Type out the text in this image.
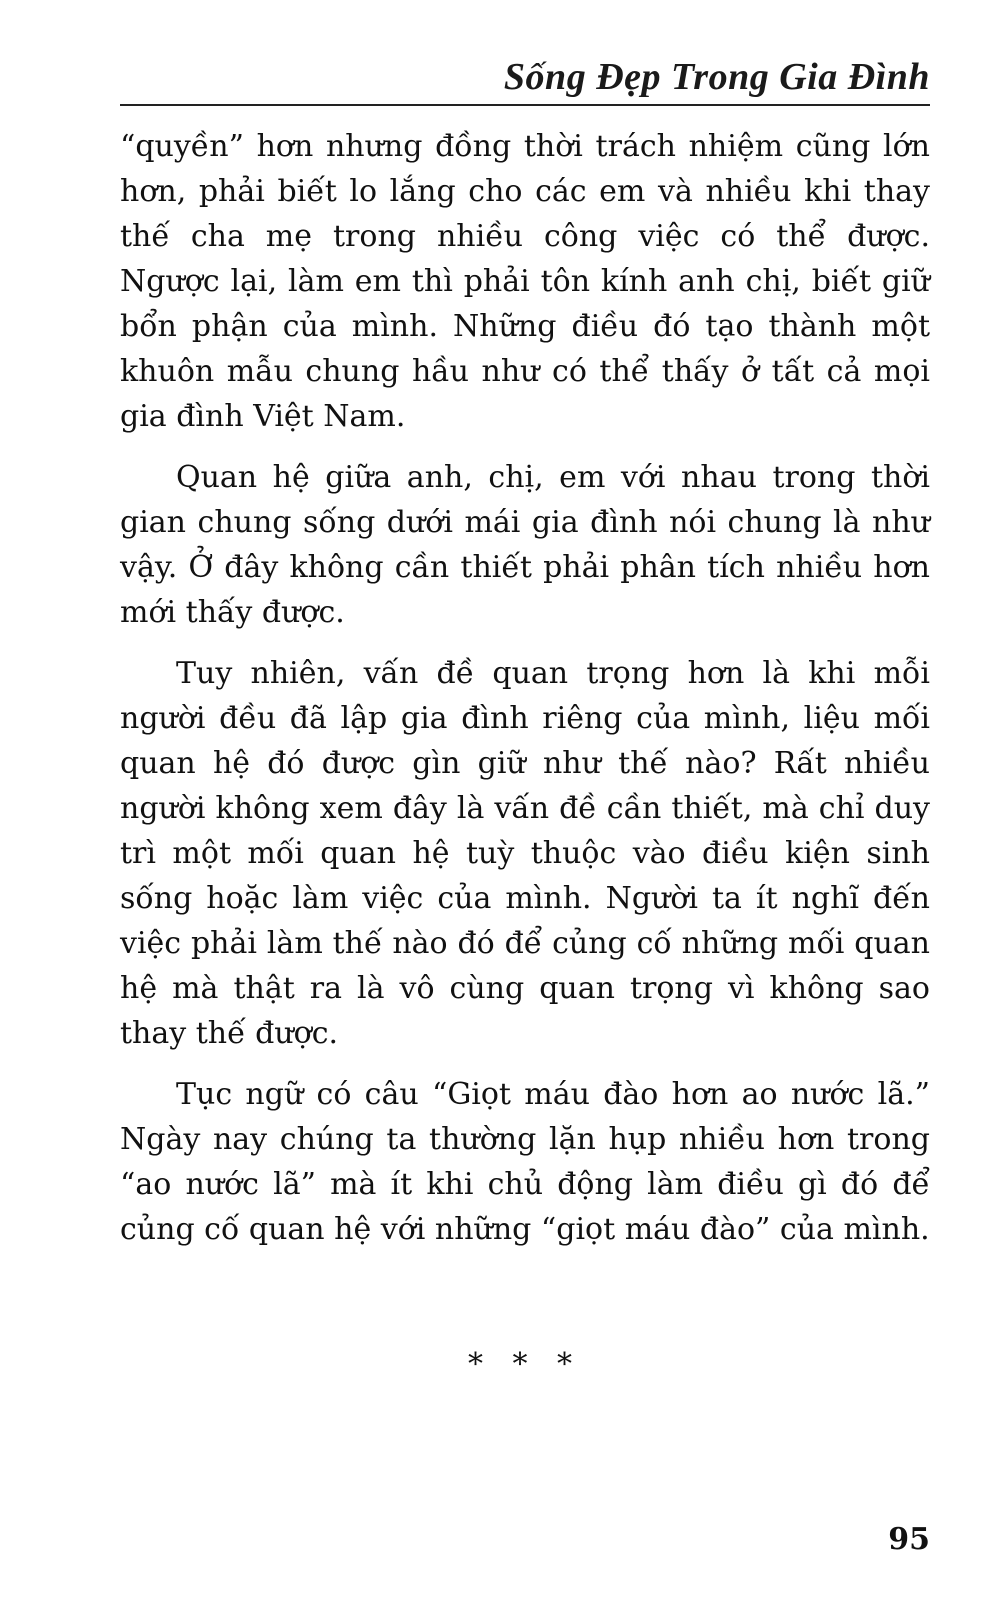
Sống Đẹp Trong Gia Đình

“quyền” hơn nhưng đồng thời trách nhiệm cũng lớn hơn, phải biết lo lắng cho các em và nhiều khi thay thế cha mẹ trong nhiều công việc có thể được. Ngược lại, làm em thì phải tôn kính anh chị, biết giữ bổn phận của mình. Những điều đó tạo thành một khuôn mẫu chung hầu như có thể thấy ở tất cả mọi gia đình Việt Nam.

Quan hệ giữa anh, chị, em với nhau trong thời gian chung sống dưới mái gia đình nói chung là như vậy. Ở đây không cần thiết phải phân tích nhiều hơn mới thấy được.

Tuy nhiên, vấn đề quan trọng hơn là khi mỗi người đều đã lập gia đình riêng của mình, liệu mối quan hệ đó được gìn giữ như thế nào? Rất nhiều người không xem đây là vấn đề cần thiết, mà chỉ duy trì một mối quan hệ tuỳ thuộc vào điều kiện sinh sống hoặc làm việc của mình. Người ta ít nghĩ đến việc phải làm thế nào đó để củng cố những mối quan hệ mà thật ra là vô cùng quan trọng vì không sao thay thế được.

Tục ngữ có câu “Giọt máu đào hơn ao nước lã.” Ngày nay chúng ta thường lặn hụp nhiều hơn trong “ao nước lã” mà ít khi chủ động làm điều gì đó để củng cố quan hệ với những “giọt máu đào” của mình.

* * *
95
